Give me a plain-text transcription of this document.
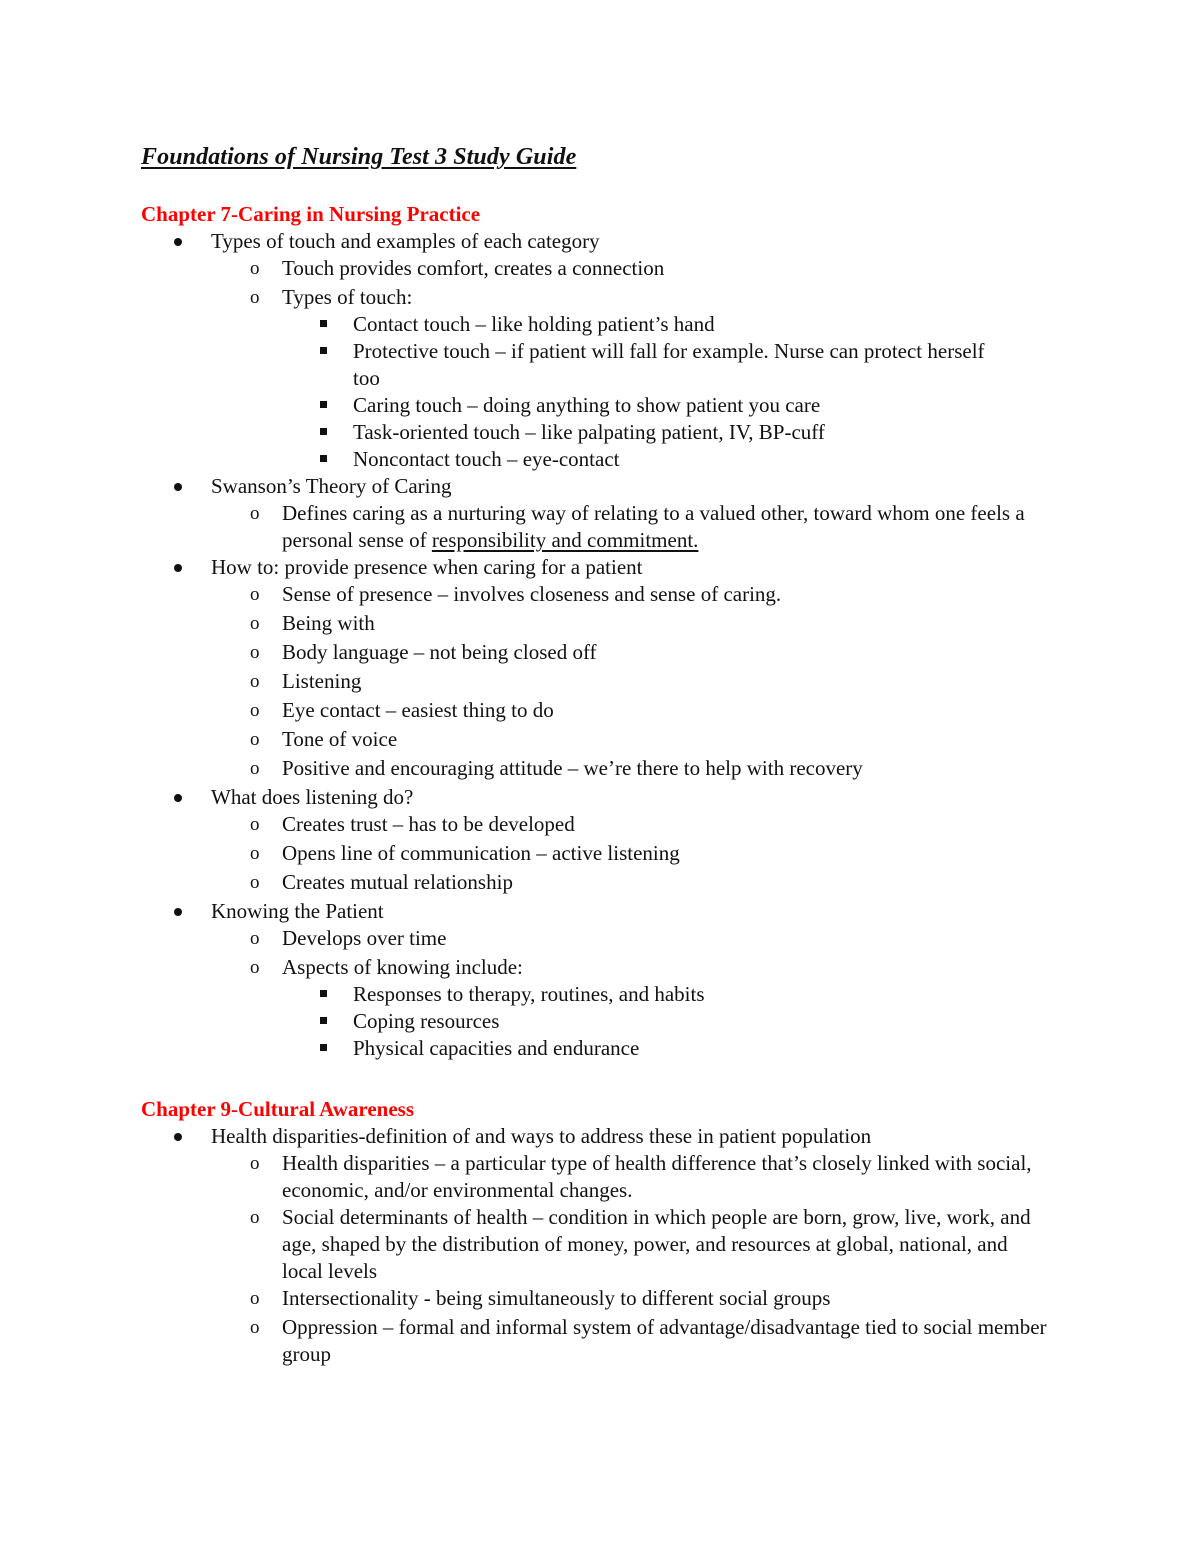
Foundations of Nursing Test 3 Study Guide
Chapter 7-Caring in Nursing Practice
Types of touch and examples of each category
o Touch provides comfort, creates a connection
o Types of touch:
Contact touch – like holding patient’s hand
Protective touch – if patient will fall for example. Nurse can protect herself too
Caring touch – doing anything to show patient you care
Task-oriented touch – like palpating patient, IV, BP-cuff
Noncontact touch – eye-contact
Swanson’s Theory of Caring
o Defines caring as a nurturing way of relating to a valued other, toward whom one feels a personal sense of responsibility and commitment.
How to: provide presence when caring for a patient
o Sense of presence – involves closeness and sense of caring.
o Being with
o Body language – not being closed off
o Listening
o Eye contact – easiest thing to do
o Tone of voice
o Positive and encouraging attitude – we’re there to help with recovery
What does listening do?
o Creates trust – has to be developed
o Opens line of communication – active listening
o Creates mutual relationship
Knowing the Patient
o Develops over time
o Aspects of knowing include:
Responses to therapy, routines, and habits
Coping resources
Physical capacities and endurance
Chapter 9-Cultural Awareness
Health disparities-definition of and ways to address these in patient population
o Health disparities – a particular type of health difference that’s closely linked with social, economic, and/or environmental changes.
o Social determinants of health – condition in which people are born, grow, live, work, and age, shaped by the distribution of money, power, and resources at global, national, and local levels
o Intersectionality - being simultaneously to different social groups
o Oppression – formal and informal system of advantage/disadvantage tied to social member group
